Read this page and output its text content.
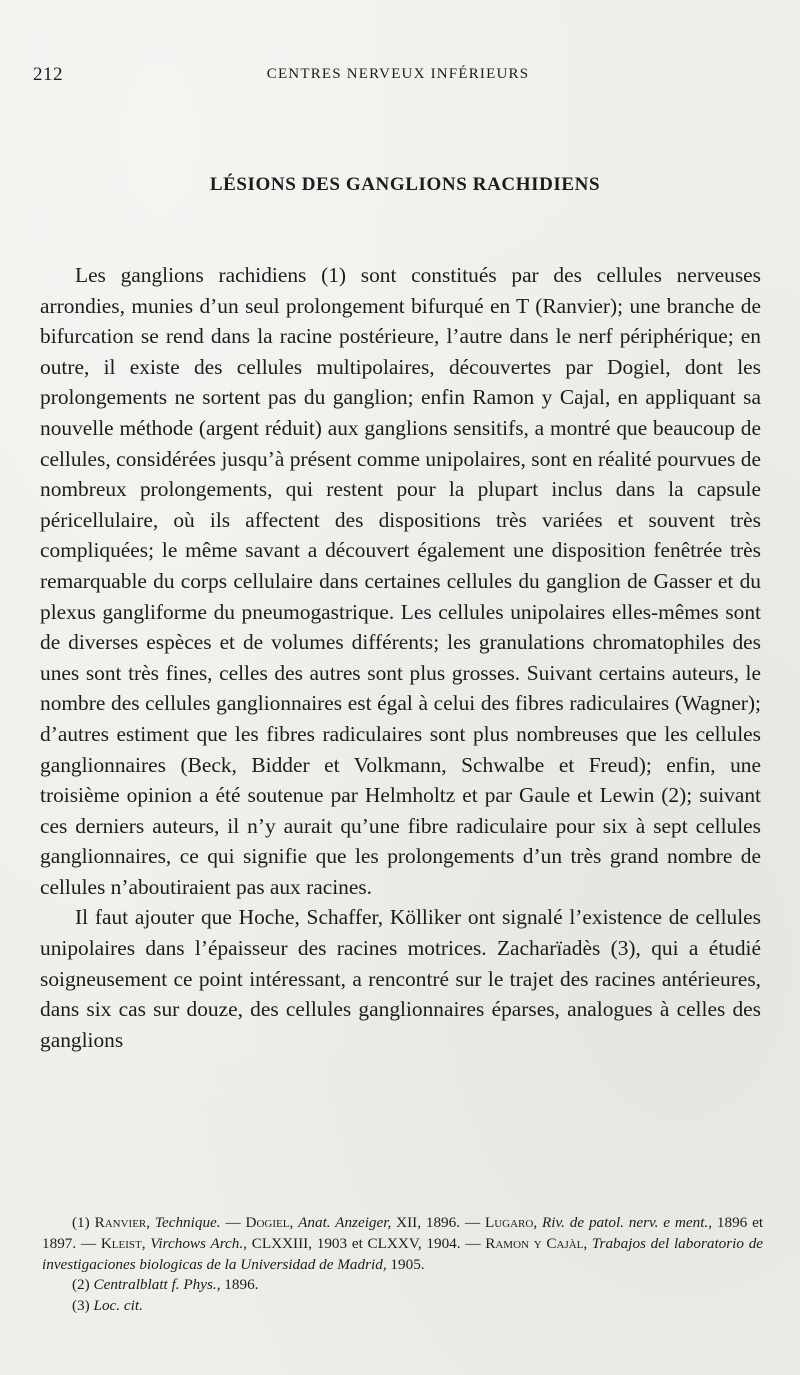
212	CENTRES NERVEUX INFÉRIEURS
LÉSIONS DES GANGLIONS RACHIDIENS

Les ganglions rachidiens (1) sont constitués par des cellules nerveuses arrondies, munies d’un seul prolongement bifurqué en T (Ranvier); une branche de bifurcation se rend dans la racine postérieure, l’autre dans le nerf périphérique; en outre, il existe des cellules multipolaires, découvertes par Dogiel, dont les prolongements ne sortent pas du ganglion; enfin Ramon y Cajal, en appliquant sa nouvelle méthode (argent réduit) aux ganglions sensitifs, a montré que beaucoup de cellules, considérées jusqu’à présent comme unipolaires, sont en réalité pourvues de nombreux prolongements, qui restent pour la plupart inclus dans la capsule péricellulaire, où ils affectent des dispositions très variées et souvent très compliquées; le même savant a découvert également une disposition fenêtrée très remarquable du corps cellulaire dans certaines cellules du ganglion de Gasser et du plexus gangliforme du pneumogastrique. Les cellules unipolaires elles-mêmes sont de diverses espèces et de volumes différents; les granulations chromatophiles des unes sont très fines, celles des autres sont plus grosses. Suivant certains auteurs, le nombre des cellules ganglionnaires est égal à celui des fibres radiculaires (Wagner); d’autres estiment que les fibres radiculaires sont plus nombreuses que les cellules ganglionnaires (Beck, Bidder et Volkmann, Schwalbe et Freud); enfin, une troisième opinion a été soutenue par Helmholtz et par Gaule et Lewin (2); suivant ces derniers auteurs, il n’y aurait qu’une fibre radiculaire pour six à sept cellules ganglionnaires, ce qui signifie que les prolongements d’un très grand nombre de cellules n’aboutiraient pas aux racines.

Il faut ajouter que Hoche, Schaffer, Kölliker ont signalé l’existence de cellules unipolaires dans l’épaisseur des racines motrices. Zacharïadès (3), qui a étudié soigneusement ce point intéressant, a rencontré sur le trajet des racines antérieures, dans six cas sur douze, des cellules ganglionnaires éparses, analogues à celles des ganglions

(1) Ranvier, Technique. — Dogiel, Anat. Anzeiger, XII, 1896. — Lugaro, Riv. de patol. nerv. e ment., 1896 et 1897. — Kleist, Virchows Arch., CLXXIII, 1903 et CLXXV, 1904. — Ramon y Cajàl, Trabajos del laboratorio de investigaciones biologicas de la Universidad de Madrid, 1905.

(2) Centralblatt f. Phys., 1896.

(3) Loc. cit.
